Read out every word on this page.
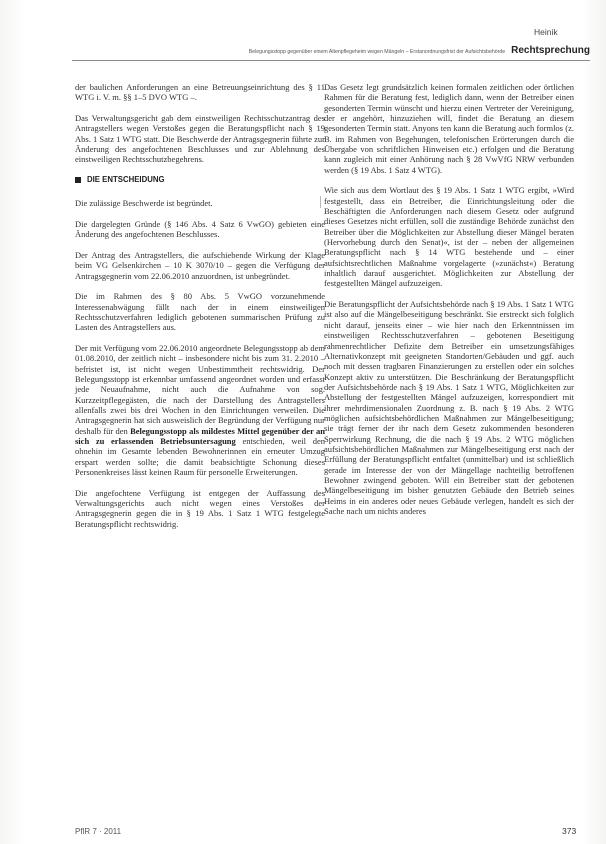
Heinik
Belegungsstopp gegenüber einem Altenpflegeheim wegen Mängeln – Erstanordnungsfrist der Aufsichtsbehörde Rechtsprechung

der baulichen Anforderungen an eine Betreuungseinrichtung des § 11 WTG i. V. m. §§ 1–5 DVO WTG –.

Das Verwaltungsgericht gab dem einstweiligen Rechtsschutzantrag des Antragstellers wegen Verstoßes gegen die Beratungspflicht nach § 19 Abs. 1 Satz 1 WTG statt. Die Beschwerde der Antragsgegnerin führte zur Änderung des angefochtenen Beschlusses und zur Ablehnung des einstweiligen Rechtsschutzbegehrens.

DIE ENTSCHEIDUNG

Die zulässige Beschwerde ist begründet.

Die dargelegten Gründe (§ 146 Abs. 4 Satz 6 VwGO) gebieten eine Änderung des angefochtenen Beschlusses.

Der Antrag des Antragstellers, die aufschiebende Wirkung der Klage beim VG Gelsenkirchen – 10 K 3070/10 – gegen die Verfügung der Antragsgegnerin vom 22.06.2010 anzuordnen, ist unbegründet.

Die im Rahmen des § 80 Abs. 5 VwGO vorzunehmende Interessenabwägung fällt nach der in einem einstweiligen Rechtsschutzverfahren lediglich gebotenen summarischen Prüfung zu Lasten des Antragstellers aus.

Der mit Verfügung vom 22.06.2010 angeordnete Belegungsstopp ab dem 01.08.2010, der zeitlich nicht – insbesondere nicht bis zum 31. 2.2010 – befristet ist, ist nicht wegen Unbestimmtheit rechtswidrig. Der Belegungsstopp ist erkennbar umfassend angeordnet worden und erfasst jede Neuaufnahme, nicht auch die Aufnahme von sog. Kurzzeitpflegegästen, die nach der Darstellung des Antragstellers allenfalls zwei bis drei Wochen in den Einrichtungen verweilen. Die Antragsgegnerin hat sich ausweislich der Begründung der Verfügung nur deshalb für den Belegungsstopp als mildestes Mittel gegenüber der an sich zu erlassenden Betriebsuntersagung entschieden, weil den ohnehin im Gesamte lebenden Bewohnerinnen ein erneuter Umzug erspart werden sollte; die damit beabsichtigte Schonung dieses Personenkreises lässt keinen Raum für personelle Erweiterungen.

Die angefochtene Verfügung ist entgegen der Auffassung des Verwaltungsgerichts auch nicht wegen eines Verstoßes der Antragsgegnerin gegen die in § 19 Abs. 1 Satz 1 WTG festgelegte Beratungspflicht rechtswidrig.

Das Gesetz legt grundsätzlich keinen formalen zeitlichen oder örtlichen Rahmen für die Beratung fest, lediglich dann, wenn der Betreiber einen gesonderten Termin wünscht und hierzu einen Vertreter der Vereinigung, der er angehört, hinzuziehen will, findet die Beratung an diesem gesonderten Termin statt. Anyons ten kann die Beratung auch formlos (z. B. im Rahmen von Begehungen, telefonischen Erörterungen durch die Übergabe von schriftlichen Hinweisen etc.) erfolgen und die Beratung kann zugleich mit einer Anhörung nach § 28 VwVfG NRW verbunden werden (§ 19 Abs. 1 Satz 4 WTG).

Wie sich aus dem Wortlaut des § 19 Abs. 1 Satz 1 WTG ergibt, »Wird festgestellt, dass ein Betreiber, die Einrichtungsleitung oder die Beschäftigten die Anforderungen nach diesem Gesetz oder aufgrund dieses Gesetzes nicht erfüllen, soll die zuständige Behörde zunächst den Betreiber über die Möglichkeiten zur Abstellung dieser Mängel beraten (Hervorhebung durch den Senat)«, ist der – neben der allgemeinen Beratungspflicht nach § 14 WTG bestehende und – einer aufsichtsrechtlichen Maßnahme vorgelagerte (»zunächst«) Beratung inhaltlich darauf ausgerichtet. Möglichkeiten zur Abstellung der festgestellten Mängel aufzuzeigen.

Die Beratungspflicht der Aufsichtsbehörde nach § 19 Abs. 1 Satz 1 WTG ist also auf die Mängelbeseitigung beschränkt. Sie erstreckt sich folglich nicht darauf, jenseits einer – wie hier nach den Erkenntnissen im einstweiligen Rechtsschutzverfahren – gebotenen Beseitigung rahmenrechtlicher Defizite dem Betreiber ein umsetzungsfähiges Alternativkonzept mit geeigneten Standorten/Gebäuden und ggf. auch noch mit dessen tragbaren Finanzierungen zu erstellen oder ein solches Konzept aktiv zu unterstützen. Die Beschränkung der Beratungspflicht der Aufsichtsbehörde nach § 19 Abs. 1 Satz 1 WTG, Möglichkeiten zur Abstellung der festgestellten Mängel aufzuzeigen, korrespondiert mit ihrer mehrdimensionalen Zuordnung z. B. nach § 19 Abs. 2 WTG möglichen aufsichtsbehördlichen Maßnahmen zur Mängelbeseitigung; sie trägt ferner der ihr nach dem Gesetz zukommenden besonderen Sperrwirkung Rechnung, die die nach § 19 Abs. 2 WTG möglichen aufsichtsbehördlichen Maßnahmen zur Mängelbeseitigung erst nach der Erfüllung der Beratungspflicht entfaltet (unmittelbar) und ist schließlich gerade im Interesse der von der Mängellage nachteilig betroffenen Bewohner zwingend geboten. Will ein Betreiber statt der gebotenen Mängelbeseitigung im bisher genutzten Gebäude den Betrieb seines Heims in ein anderes oder neues Gebäude verlegen, handelt es sich der Sache nach um nichts anderes

PflR 7 · 2011	373
